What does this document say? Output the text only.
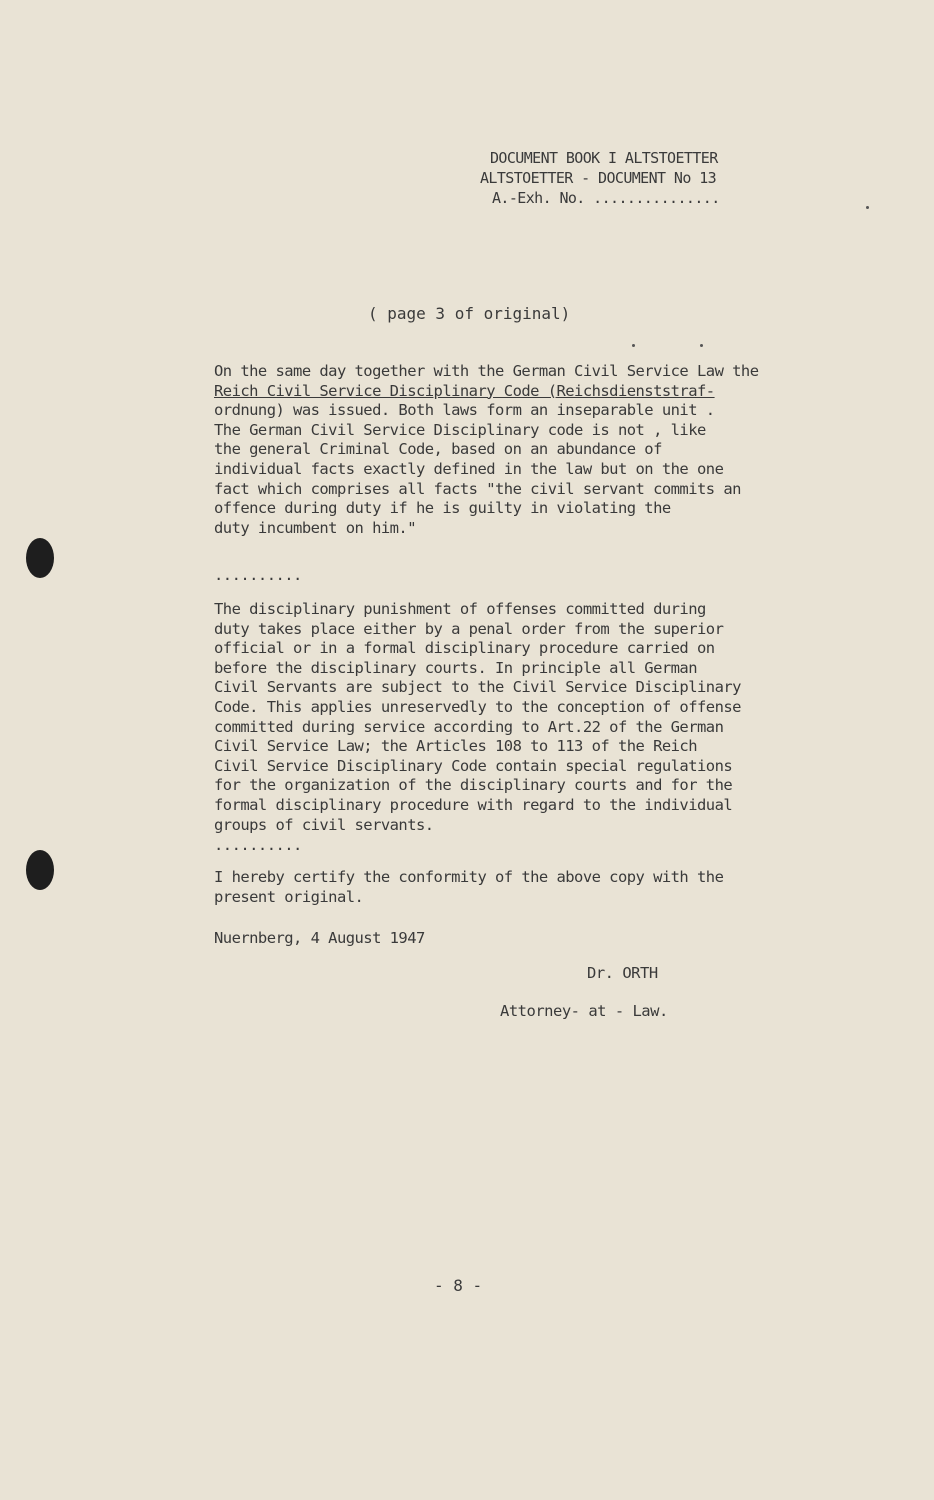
DOCUMENT BOOK I ALTSTOETTER
ALTSTOETTER - DOCUMENT No 13
A.-Exh. No. ...............
( page 3 of original)
On the same day together with the German Civil Service Law the
Reich Civil Service Disciplinary Code (Reichsdienststraf-
ordnung) was issued. Both laws form an inseparable unit .
The German Civil Service Disciplinary code is not , like
the general Criminal Code, based on an abundance of
individual facts exactly defined in the law but on the one
fact which comprises all facts "the civil servant commits an
offence during duty if he is guilty in violating the
duty incumbent on him."
..........
The disciplinary punishment of offenses committed during
duty takes place either by a penal order from the superior
official or in a formal disciplinary procedure carried on
before the disciplinary courts. In principle all German
Civil Servants are subject to the Civil Service Disciplinary
Code. This applies unreservedly to the conception of offense
committed during service according to Art.22 of the German
Civil Service Law; the Articles 108 to 113 of the Reich
Civil Service Disciplinary Code contain special regulations
for the organization of the disciplinary courts and for the
formal disciplinary procedure with regard to the individual
groups of civil servants.
..........
I hereby certify the conformity of the above copy with the
present original.
Nuernberg, 4 August 1947
Dr. ORTH
Attorney- at - Law.
- 8 -
